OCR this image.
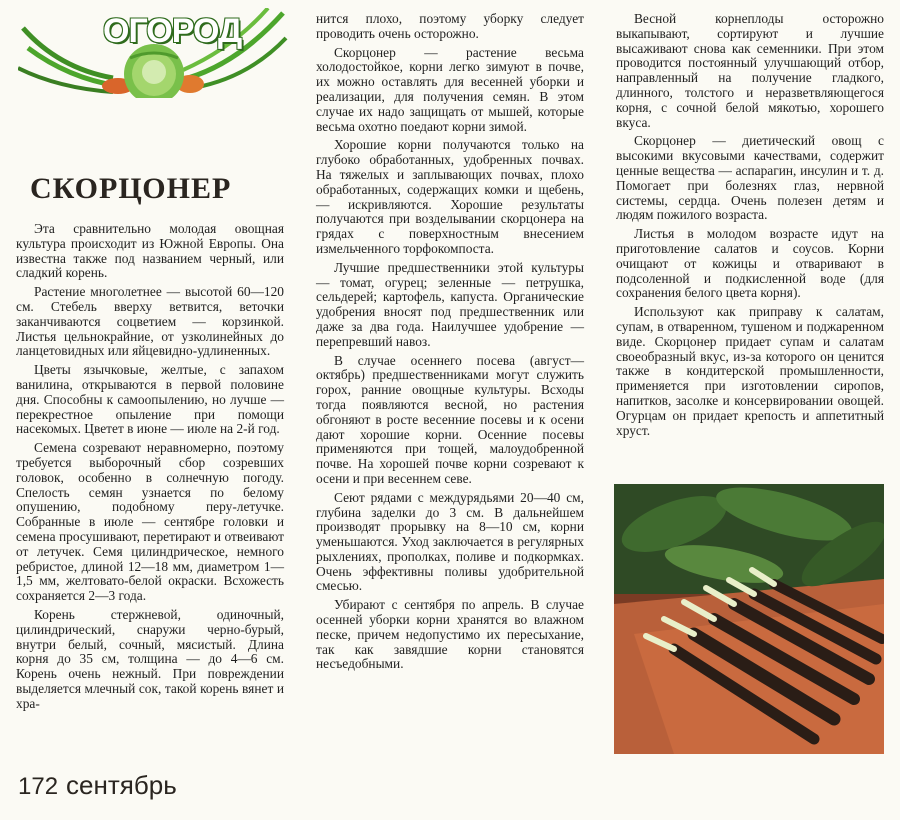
ОГОРОД
СКОРЦОНЕР

Эта сравнительно молодая овощная культура происходит из Южной Европы. Она известна также под названием черный, или сладкий корень.

Растение многолетнее — высотой 60—120 см. Стебель вверху ветвится, веточки заканчиваются соцветием — корзинкой. Листья цельнокрайние, от узколинейных до ланцетовидных или яйцевидно-удлиненных.

Цветы язычковые, желтые, с запахом ванилина, открываются в первой половине дня. Способны к самоопылению, но лучше — перекрестное опыление при помощи насекомых. Цветет в июне — июле на 2-й год.

Семена созревают неравномерно, поэтому требуется выборочный сбор созревших головок, особенно в солнечную погоду. Спелость семян узнается по белому опушению, подобному перу-летучке. Собранные в июле — сентябре головки и семена просушивают, перетирают и отвеивают от летучек. Семя цилиндрическое, немного ребристое, длиной 12—18 мм, диаметром 1—1,5 мм, желтовато-белой окраски. Всхожесть сохраняется 2—3 года.

Корень стержневой, одиночный, цилиндрический, снаружи черно-бурый, внутри белый, сочный, мясистый. Длина корня до 35 см, толщина — до 4—6 см. Корень очень нежный. При повреждении выделяется млечный сок, такой корень вянет и хра-

нится плохо, поэтому уборку следует проводить очень осторожно.

Скорцонер — растение весьма холодостойкое, корни легко зимуют в почве, их можно оставлять для весенней уборки и реализации, для получения семян. В этом случае их надо защищать от мышей, которые весьма охотно поедают корни зимой.

Хорошие корни получаются только на глубоко обработанных, удобренных почвах. На тяжелых и заплывающих почвах, плохо обработанных, содержащих комки и щебень, — искривляются. Хорошие результаты получаются при возделывании скорцонера на грядах с поверхностным внесением измельченного торфокомпоста.

Лучшие предшественники этой культуры — томат, огурец; зеленные — петрушка, сельдерей; картофель, капуста. Органические удобрения вносят под предшественник или даже за два года. Наилучшее удобрение — перепревший навоз.

В случае осеннего посева (август—октябрь) предшественниками могут служить горох, ранние овощные культуры. Всходы тогда появляются весной, но растения обгоняют в росте весенние посевы и к осени дают хорошие корни. Осенние посевы применяются при тощей, малоудобренной почве. На хорошей почве корни созревают к осени и при весеннем севе.

Сеют рядами с междурядьями 20—40 см, глубина заделки до 3 см. В дальнейшем производят прорывку на 8—10 см, корни уменьшаются. Уход заключается в регулярных рыхлениях, прополках, поливе и подкормках. Очень эффективны поливы удобрительной смесью.

Убирают с сентября по апрель. В случае осенней уборки корни хранятся во влажном песке, причем недопустимо их пересыхание, так как завядшие корни становятся несъедобными.

Весной корнеплоды осторожно выкапывают, сортируют и лучшие высаживают снова как семенники. При этом проводится постоянный улучшающий отбор, направленный на получение гладкого, длинного, толстого и неразветвляющегося корня, с сочной белой мякотью, хорошего вкуса.

Скорцонер — диетический овощ с высокими вкусовыми качествами, содержит ценные вещества — аспарагин, инсулин и т. д. Помогает при болезнях глаз, нервной системы, сердца. Очень полезен детям и людям пожилого возраста.

Листья в молодом возрасте идут на приготовление салатов и соусов. Корни очищают от кожицы и отваривают в подсоленной и подкисленной воде (для сохранения белого цвета корня).

Используют как приправу к салатам, супам, в отваренном, тушеном и поджаренном виде. Скорцонер придает супам и салатам своеобразный вкус, из-за которого он ценится также в кондитерской промышленности, применяется при изготовлении сиропов, напитков, засолке и консервировании овощей. Огурцам он придает крепость и аппетитный хруст.

172 сентябрь
